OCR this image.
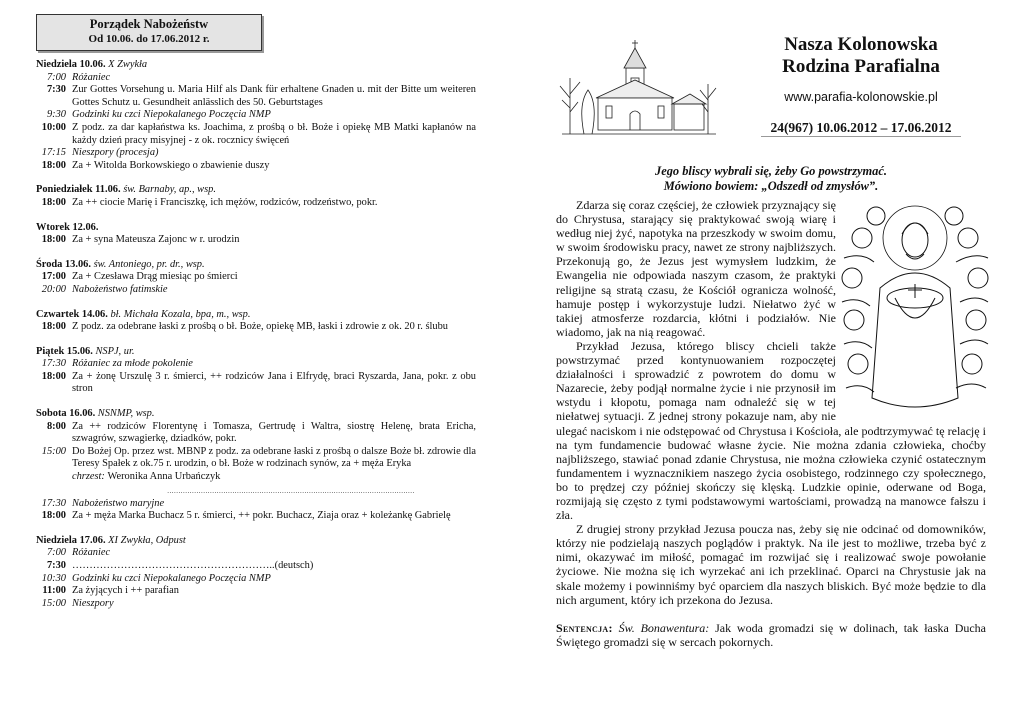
Porządek Nabożeństw
Od 10.06. do 17.06.2012 r.
Niedziela 10.06. X Zwykła
7:00 Różaniec
7:30 Zur Gottes Vorsehung u. Maria Hilf als Dank für erhaltene Gnaden u. mit der Bitte um weiteren Gottes Schutz u. Gesundheit anlässlich des 50. Geburtstages
9:30 Godzinki ku czci Niepokalanego Poczęcia NMP
10:00 Z podz. za dar kapłaństwa ks. Joachima, z prośbą o bł. Boże i opiekę MB Matki kapłanów na każdy dzień pracy misyjnej - z ok. rocznicy święceń
17:15 Nieszpory (procesja)
18:00 Za + Witolda Borkowskiego o zbawienie duszy
Poniedziałek 11.06. św. Barnaby, ap., wsp.
18:00 Za ++ ciocie Marię i Franciszkę, ich mężów, rodziców, rodzeństwo, pokr.
Wtorek 12.06.
18:00 Za + syna Mateusza Zajonc w r. urodzin
Środa 13.06. św. Antoniego, pr. dr., wsp.
17:00 Za + Czesława Drąg miesiąc po śmierci
20:00 Nabożeństwo fatimskie
Czwartek 14.06. bł. Michała Kozala, bpa, m., wsp.
18:00 Z podz. za odebrane łaski z prośbą o bł. Boże, opiekę MB, łaski i zdrowie z ok. 20 r. ślubu
Piątek 15.06. NSPJ, ur.
17:30 Różaniec za młode pokolenie
18:00 Za + żonę Urszulę 3 r. śmierci, ++ rodziców Jana i Elfrydę, braci Ryszarda, Jana, pokr. z obu stron
Sobota 16.06. NSNMP, wsp.
8:00 Za ++ rodziców Florentynę i Tomasza, Gertrudę i Waltra, siostrę Helenę, brata Ericha, szwagrów, szwagierkę, dziadków, pokr.
15:00 Do Bożej Op. przez wst. MBNP z podz. za odebrane łaski z prośbą o dalsze Boże bł. zdrowie dla Teresy Spałek z ok.75 r. urodzin, o bł. Boże w rodzinach synów, za + męża Eryka
chrzest: Weronika Anna Urbańczyk
..............................................................................................................
17:30 Nabożeństwo maryjne
18:00 Za + męża Marka Buchacz 5 r. śmierci, ++ pokr. Buchacz, Ziaja oraz + koleżankę Gabrielę
Niedziela 17.06. XI Zwykła, Odpust
7:00 Różaniec
7:30 …………………………………………………..(deutsch)
10:30 Godzinki ku czci Niepokalanego Poczęcia NMP
11:00 Za żyjących i ++ parafian
15:00 Nieszpory
Nasza Kolonowska
Rodzina Parafialna
www.parafia-kolonowskie.pl
24(967) 10.06.2012 – 17.06.2012
Jego bliscy wybrali się, żeby Go powstrzymać.
Mówiono bowiem: „Odszedł od zmysłów”.

Zdarza się coraz częściej, że człowiek przyznający się do Chrystusa, starający się praktykować swoją wiarę i według niej żyć, napotyka na przeszkody w swoim domu, w swoim środowisku pracy, nawet ze strony najbliższych. Przekonują go, że Jezus jest wymysłem ludzkim, że Ewangelia nie odpowiada naszym czasom, że praktyki religijne są stratą czasu, że Kościół ogranicza wolność, hamuje postęp i wykorzystuje ludzi. Niełatwo żyć w takiej atmosferze rozdarcia, kłótni i podziałów. Nie wiadomo, jak na nią reagować.

Przykład Jezusa, którego bliscy chcieli także powstrzymać przed kontynuowaniem rozpoczętej działalności i sprowadzić z powrotem do domu w Nazarecie, żeby podjął normalne życie i nie przynosił im wstydu i kłopotu, pomaga nam odnaleźć się w tej niełatwej sytuacji. Z jednej strony pokazuje nam, aby nie ulegać naciskom i nie odstępować od Chrystusa i Kościoła, ale podtrzymywać tę relację i na tym fundamencie budować własne życie. Nie można zdania człowieka, choćby najbliższego, stawiać ponad zdanie Chrystusa, nie można człowieka czynić ostatecznym fundamentem i wyznacznikiem naszego życia osobistego, rodzinnego czy społecznego, bo to prędzej czy później skończy się klęską. Ludzkie opinie, oderwane od Boga, rozmijają się często z tymi podstawowymi wartościami, prowadzą na manowce fałszu i zła.

Z drugiej strony przykład Jezusa poucza nas, żeby się nie odcinać od domowników, którzy nie podzielają naszych poglądów i praktyk. Na ile jest to możliwe, trzeba być z nimi, okazywać im miłość, pomagać im rozwijać się i realizować swoje powołanie życiowe. Nie można się ich wyrzekać ani ich przeklinać. Oparci na Chrystusie jak na skale możemy i powinniśmy być oparciem dla naszych bliskich. Być może będzie to dla nich argument, który ich przekona do Jezusa.

Sentencja: Św. Bonawentura: Jak woda gromadzi się w dolinach, tak łaska Ducha Świętego gromadzi się w sercach pokornych.
